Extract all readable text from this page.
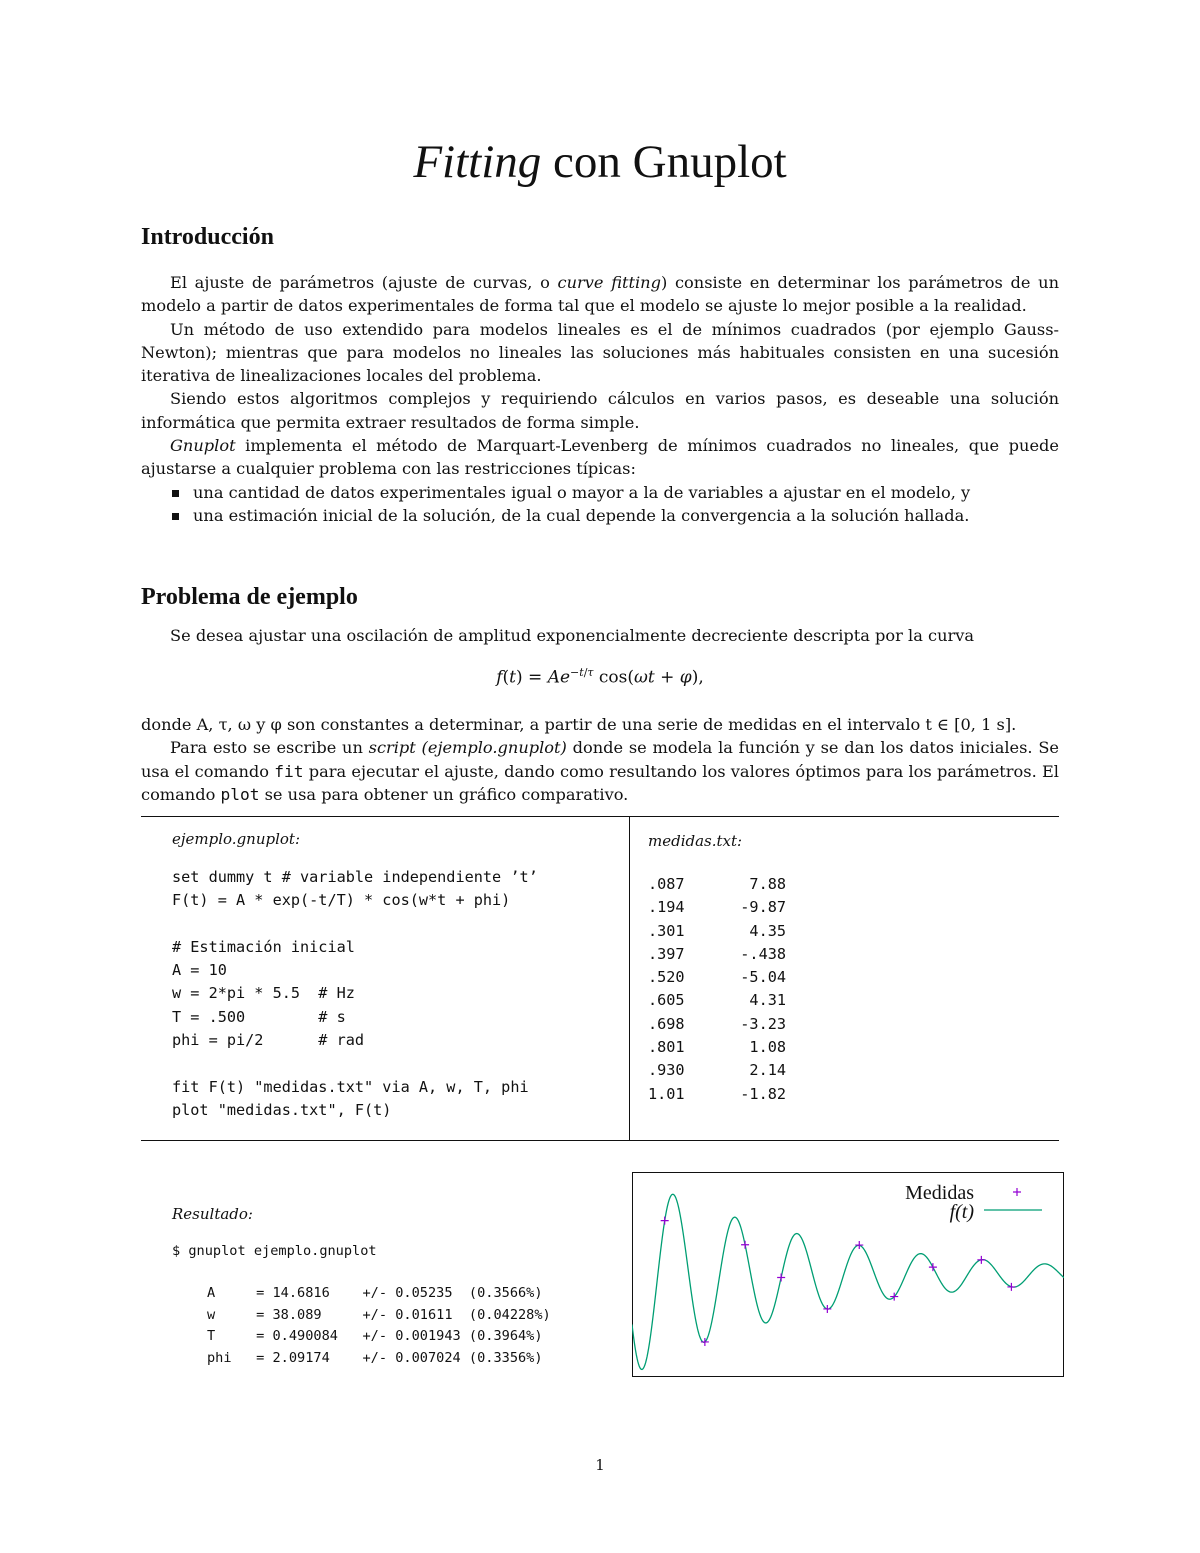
Fitting con Gnuplot
Introducción

El ajuste de parámetros (ajuste de curvas, o curve fitting) consiste en determinar los parámetros de un modelo a partir de datos experimentales de forma tal que el modelo se ajuste lo mejor posible a la realidad.

Un método de uso extendido para modelos lineales es el de mínimos cuadrados (por ejemplo Gauss-Newton); mientras que para modelos no lineales las soluciones más habituales consisten en una sucesión iterativa de linealizaciones locales del problema.

Siendo estos algoritmos complejos y requiriendo cálculos en varios pasos, es deseable una solución informática que permita extraer resultados de forma simple.

Gnuplot implementa el método de Marquart-Levenberg de mínimos cuadrados no lineales, que puede ajustarse a cualquier problema con las restricciones típicas:

una cantidad de datos experimentales igual o mayor a la de variables a ajustar en el modelo, y

una estimación inicial de la solución, de la cual depende la convergencia a la solución hallada.

Problema de ejemplo

Se desea ajustar una oscilación de amplitud exponencialmente decreciente descripta por la curva

$f(t) = Ae^{-t/\tau}$ cos(ωt + φ),

donde A, τ, ω y φ son constantes a determinar, a partir de una serie de medidas en el intervalo t ∈ [0, 1 s].

Para esto se escribe un script (ejemplo.gnuplot) donde se modela la función y se dan los datos iniciales. Se usa el comando fit para ejecutar el ajuste, dando como resultando los valores óptimos para los parámetros. El comando plot se usa para obtener un gráfico comparativo.

ejemplo.gnuplot:
set dummy t # variable independiente ’t’
F(t) = A * exp(-t/T) * cos(w*t + phi)

# Estimación inicial
A = 10
w = 2*pi * 5.5  # Hz
T = .500        # s
phi = pi/2      # rad

fit F(t) "medidas.txt" via A, w, T, phi
plot "medidas.txt", F(t)
medidas.txt:
.087	7.88
.194	-9.87
.301	4.35
.397	-.438
.520	-5.04
.605	4.31
.698	-3.23
.801	1.08
.930	2.14
1.01	-1.82
Resultado:
$ gnuplot ejemplo.gnuplot
A     = 14.6816    +/- 0.05235  (0.3566%)
w     = 38.089     +/- 0.01611  (0.04228%)
T     = 0.490084   +/- 0.001943 (0.3964%)
phi   = 2.09174    +/- 0.007024 (0.3356%)
Medidas
f(t)
1
